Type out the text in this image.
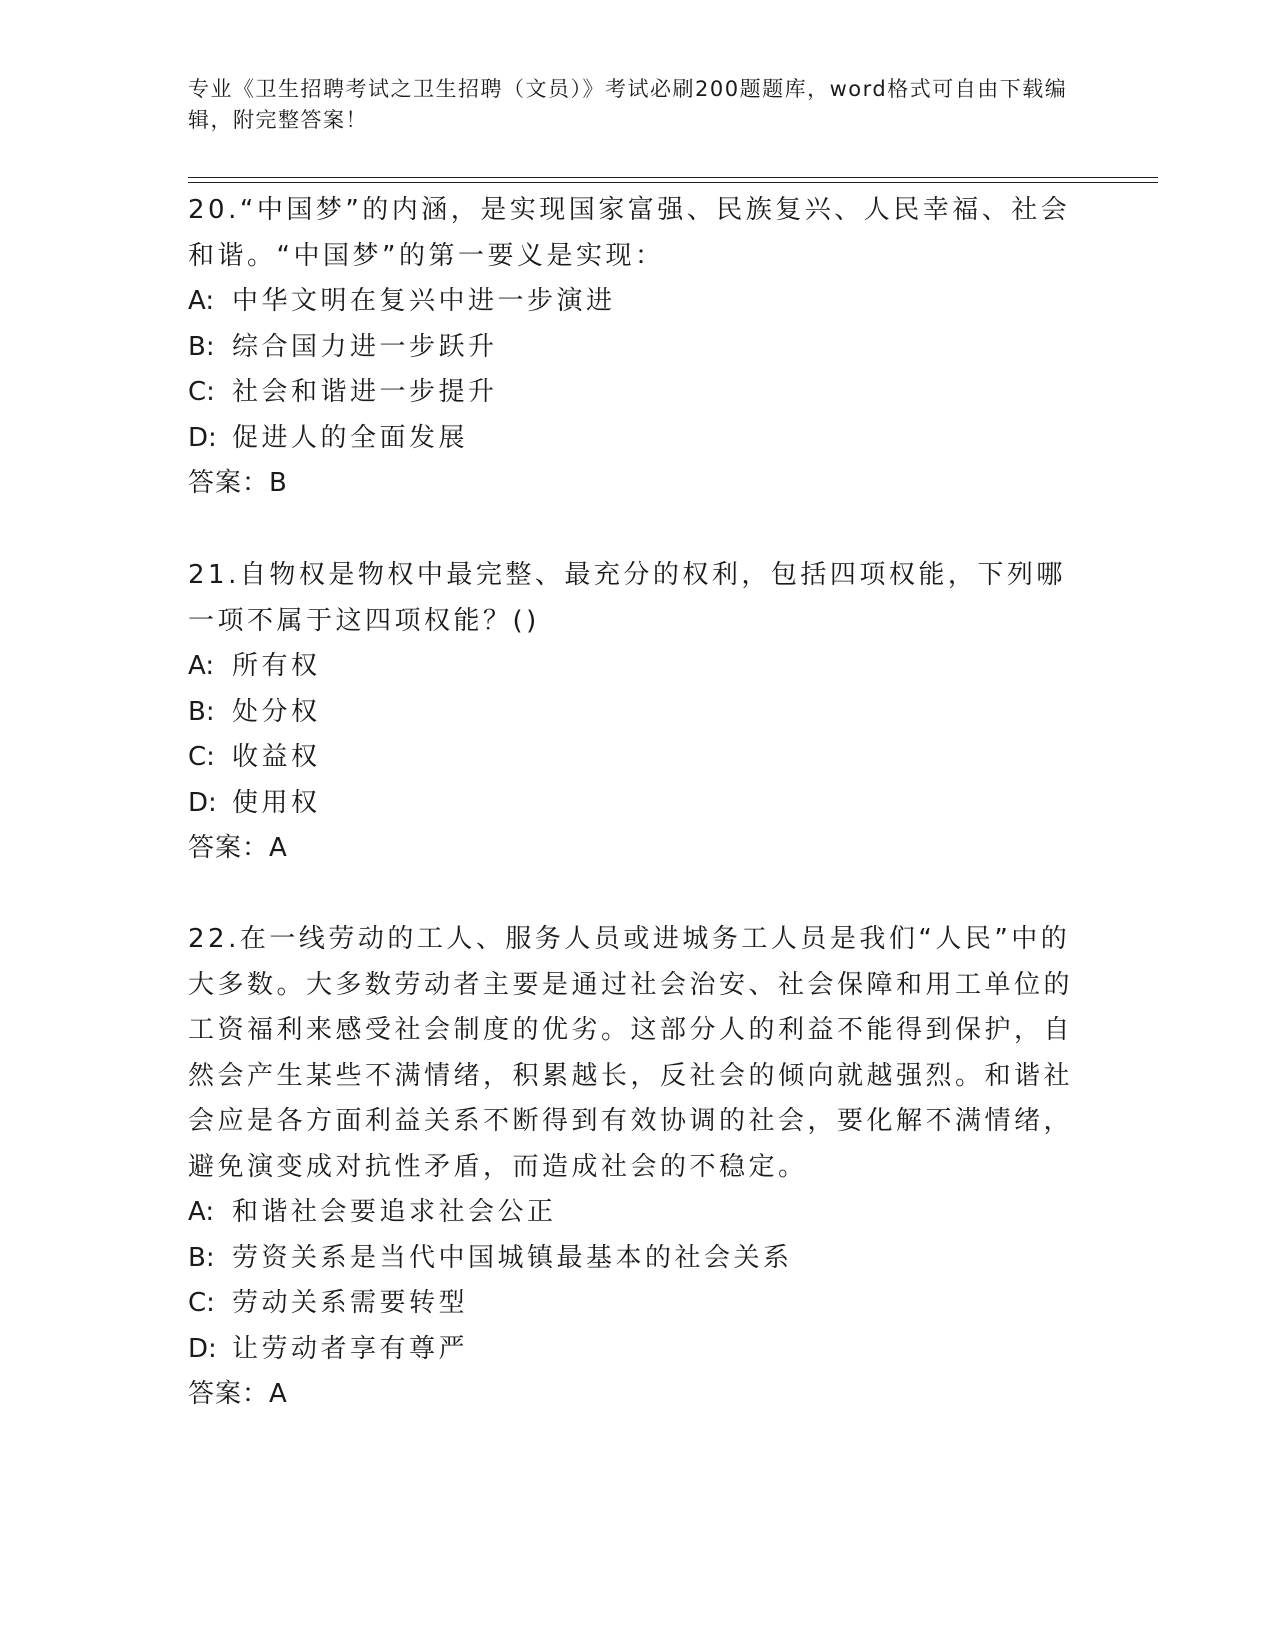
专业《卫生招聘考试之卫生招聘（文员）》考试必刷200题题库，word格式可自由下载编辑，附完整答案！
20.“中国梦”的内涵，是实现国家富强、民族复兴、人民幸福、社会和谐。“中国梦”的第一要义是实现：
A: 中华文明在复兴中进一步演进
B: 综合国力进一步跃升
C: 社会和谐进一步提升
D: 促进人的全面发展
答案：B
21.自物权是物权中最完整、最充分的权利，包括四项权能，下列哪一项不属于这四项权能？()
A: 所有权
B: 处分权
C: 收益权
D: 使用权
答案：A
22.在一线劳动的工人、服务人员或进城务工人员是我们“人民”中的大多数。大多数劳动者主要是通过社会治安、社会保障和用工单位的工资福利来感受社会制度的优劣。这部分人的利益不能得到保护，自然会产生某些不满情绪，积累越长，反社会的倾向就越强烈。和谐社会应是各方面利益关系不断得到有效协调的社会，要化解不满情绪，避免演变成对抗性矛盾，而造成社会的不稳定。
A: 和谐社会要追求社会公正
B: 劳资关系是当代中国城镇最基本的社会关系
C: 劳动关系需要转型
D: 让劳动者享有尊严
答案：A
